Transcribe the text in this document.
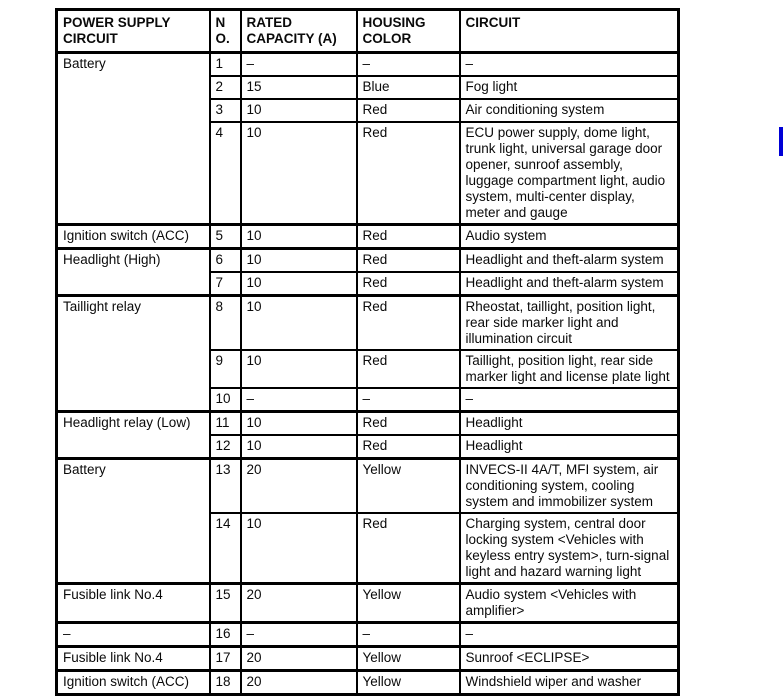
POWER SUPPLY CIRCUIT	NO.	RATED CAPACITY (A)	HOUSING COLOR	CIRCUIT
Battery	1	–	–	–
	2	15	Blue	Fog light
	3	10	Red	Air conditioning system
	4	10	Red	ECU power supply, dome light, trunk light, universal garage door opener, sunroof assembly, luggage compartment light, audio system, multi-center display, meter and gauge
Ignition switch (ACC)	5	10	Red	Audio system
Headlight (High)	6	10	Red	Headlight and theft-alarm system
	7	10	Red	Headlight and theft-alarm system
Taillight relay	8	10	Red	Rheostat, taillight, position light, rear side marker light and illumination circuit
	9	10	Red	Taillight, position light, rear side marker light and license plate light
	10	–	–	–
Headlight relay (Low)	11	10	Red	Headlight
	12	10	Red	Headlight
Battery	13	20	Yellow	INVECS-II 4A/T, MFI system, air conditioning system, cooling system and immobilizer system
	14	10	Red	Charging system, central door locking system <Vehicles with keyless entry system>, turn-signal light and hazard warning light
Fusible link No.4	15	20	Yellow	Audio system <Vehicles with amplifier>
–	16	–	–	–
Fusible link No.4	17	20	Yellow	Sunroof <ECLIPSE>
Ignition switch (ACC)	18	20	Yellow	Windshield wiper and washer
